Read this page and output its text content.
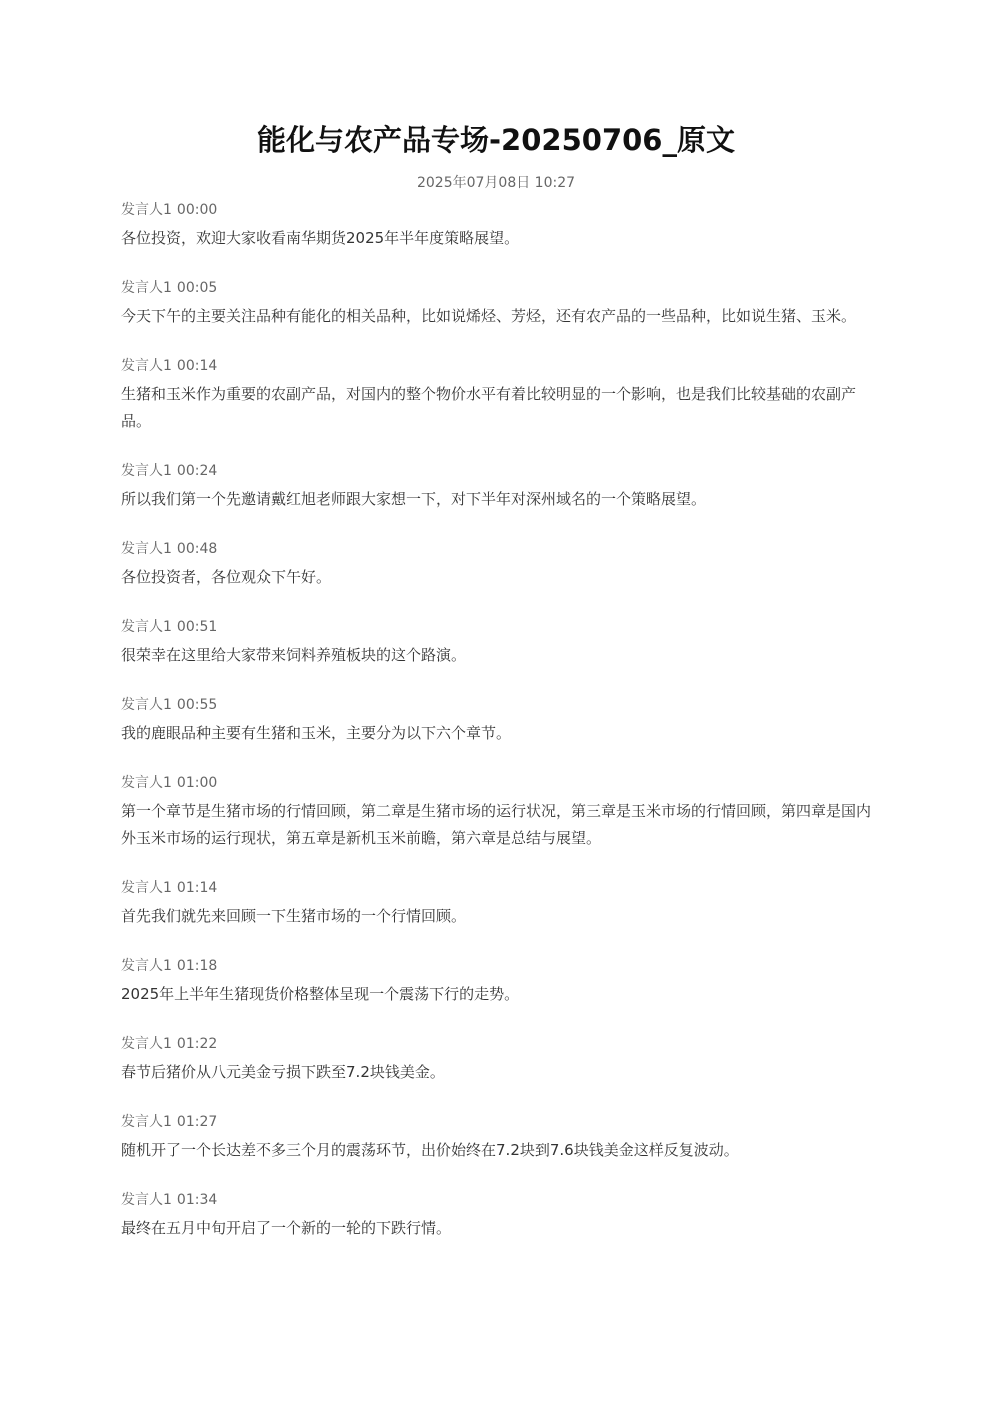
能化与农产品专场-20250706_原文
2025年07月08日 10:27
发言人1 00:00
各位投资，欢迎大家收看南华期货2025年半年度策略展望。
发言人1 00:05
今天下午的主要关注品种有能化的相关品种，比如说烯烃、芳烃，还有农产品的一些品种，比如说生猪、玉米。
发言人1 00:14
生猪和玉米作为重要的农副产品，对国内的整个物价水平有着比较明显的一个影响，也是我们比较基础的农副产品。
发言人1 00:24
所以我们第一个先邀请戴红旭老师跟大家想一下，对下半年对深州域名的一个策略展望。
发言人1 00:48
各位投资者，各位观众下午好。
发言人1 00:51
很荣幸在这里给大家带来饲料养殖板块的这个路演。
发言人1 00:55
我的鹿眼品种主要有生猪和玉米，主要分为以下六个章节。
发言人1 01:00
第一个章节是生猪市场的行情回顾，第二章是生猪市场的运行状况，第三章是玉米市场的行情回顾，第四章是国内外玉米市场的运行现状，第五章是新机玉米前瞻，第六章是总结与展望。
发言人1 01:14
首先我们就先来回顾一下生猪市场的一个行情回顾。
发言人1 01:18
2025年上半年生猪现货价格整体呈现一个震荡下行的走势。
发言人1 01:22
春节后猪价从八元美金亏损下跌至7.2块钱美金。
发言人1 01:27
随机开了一个长达差不多三个月的震荡环节，出价始终在7.2块到7.6块钱美金这样反复波动。
发言人1 01:34
最终在五月中旬开启了一个新的一轮的下跌行情。
